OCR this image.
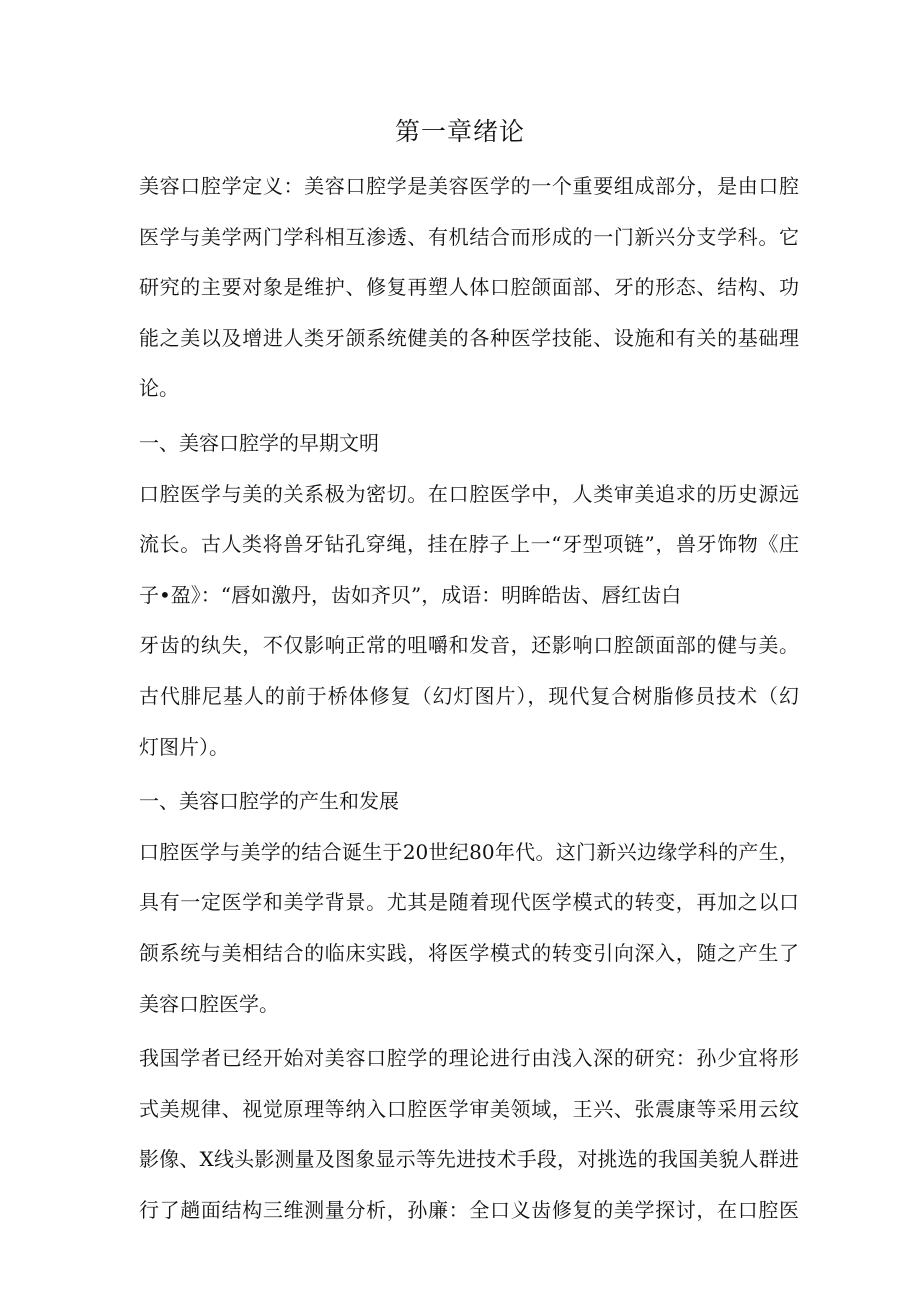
第一章绪论
美容口腔学定义：美容口腔学是美容医学的一个重要组成部分，是由口腔
医学与美学两门学科相互渗透、有机结合而形成的一门新兴分支学科。它
研究的主要对象是维护、修复再塑人体口腔颌面部、牙的形态、结构、功
能之美以及增进人类牙颌系统健美的各种医学技能、设施和有关的基础理
论。
一、美容口腔学的早期文明
口腔医学与美的关系极为密切。在口腔医学中，人类审美追求的历史源远
流长。古人类将兽牙钻孔穿绳，挂在脖子上一“牙型项链”，兽牙饰物《庄
子•盈》：“唇如激丹，齿如齐贝”，成语：明眸皓齿、唇红齿白
牙齿的纨失，不仅影响正常的咀嚼和发音，还影响口腔颌面部的健与美。
古代腓尼基人的前于桥体修复（幻灯图片），现代复合树脂修员技术（幻
灯图片）。
一、美容口腔学的产生和发展
口腔医学与美学的结合诞生于20世纪80年代。这门新兴边缘学科的产生，
具有一定医学和美学背景。尤其是随着现代医学模式的转变，再加之以口
颌系统与美相结合的临床实践，将医学模式的转变引向深入，随之产生了
美容口腔医学。
我国学者已经开始对美容口腔学的理论进行由浅入深的研究：孙少宜将形
式美规律、视觉原理等纳入口腔医学审美领域，王兴、张震康等采用云纹
影像、X线头影测量及图象显示等先进技术手段，对挑选的我国美貌人群进
行了趟面结构三维测量分析，孙廉：全口义齿修复的美学探讨，在口腔医
